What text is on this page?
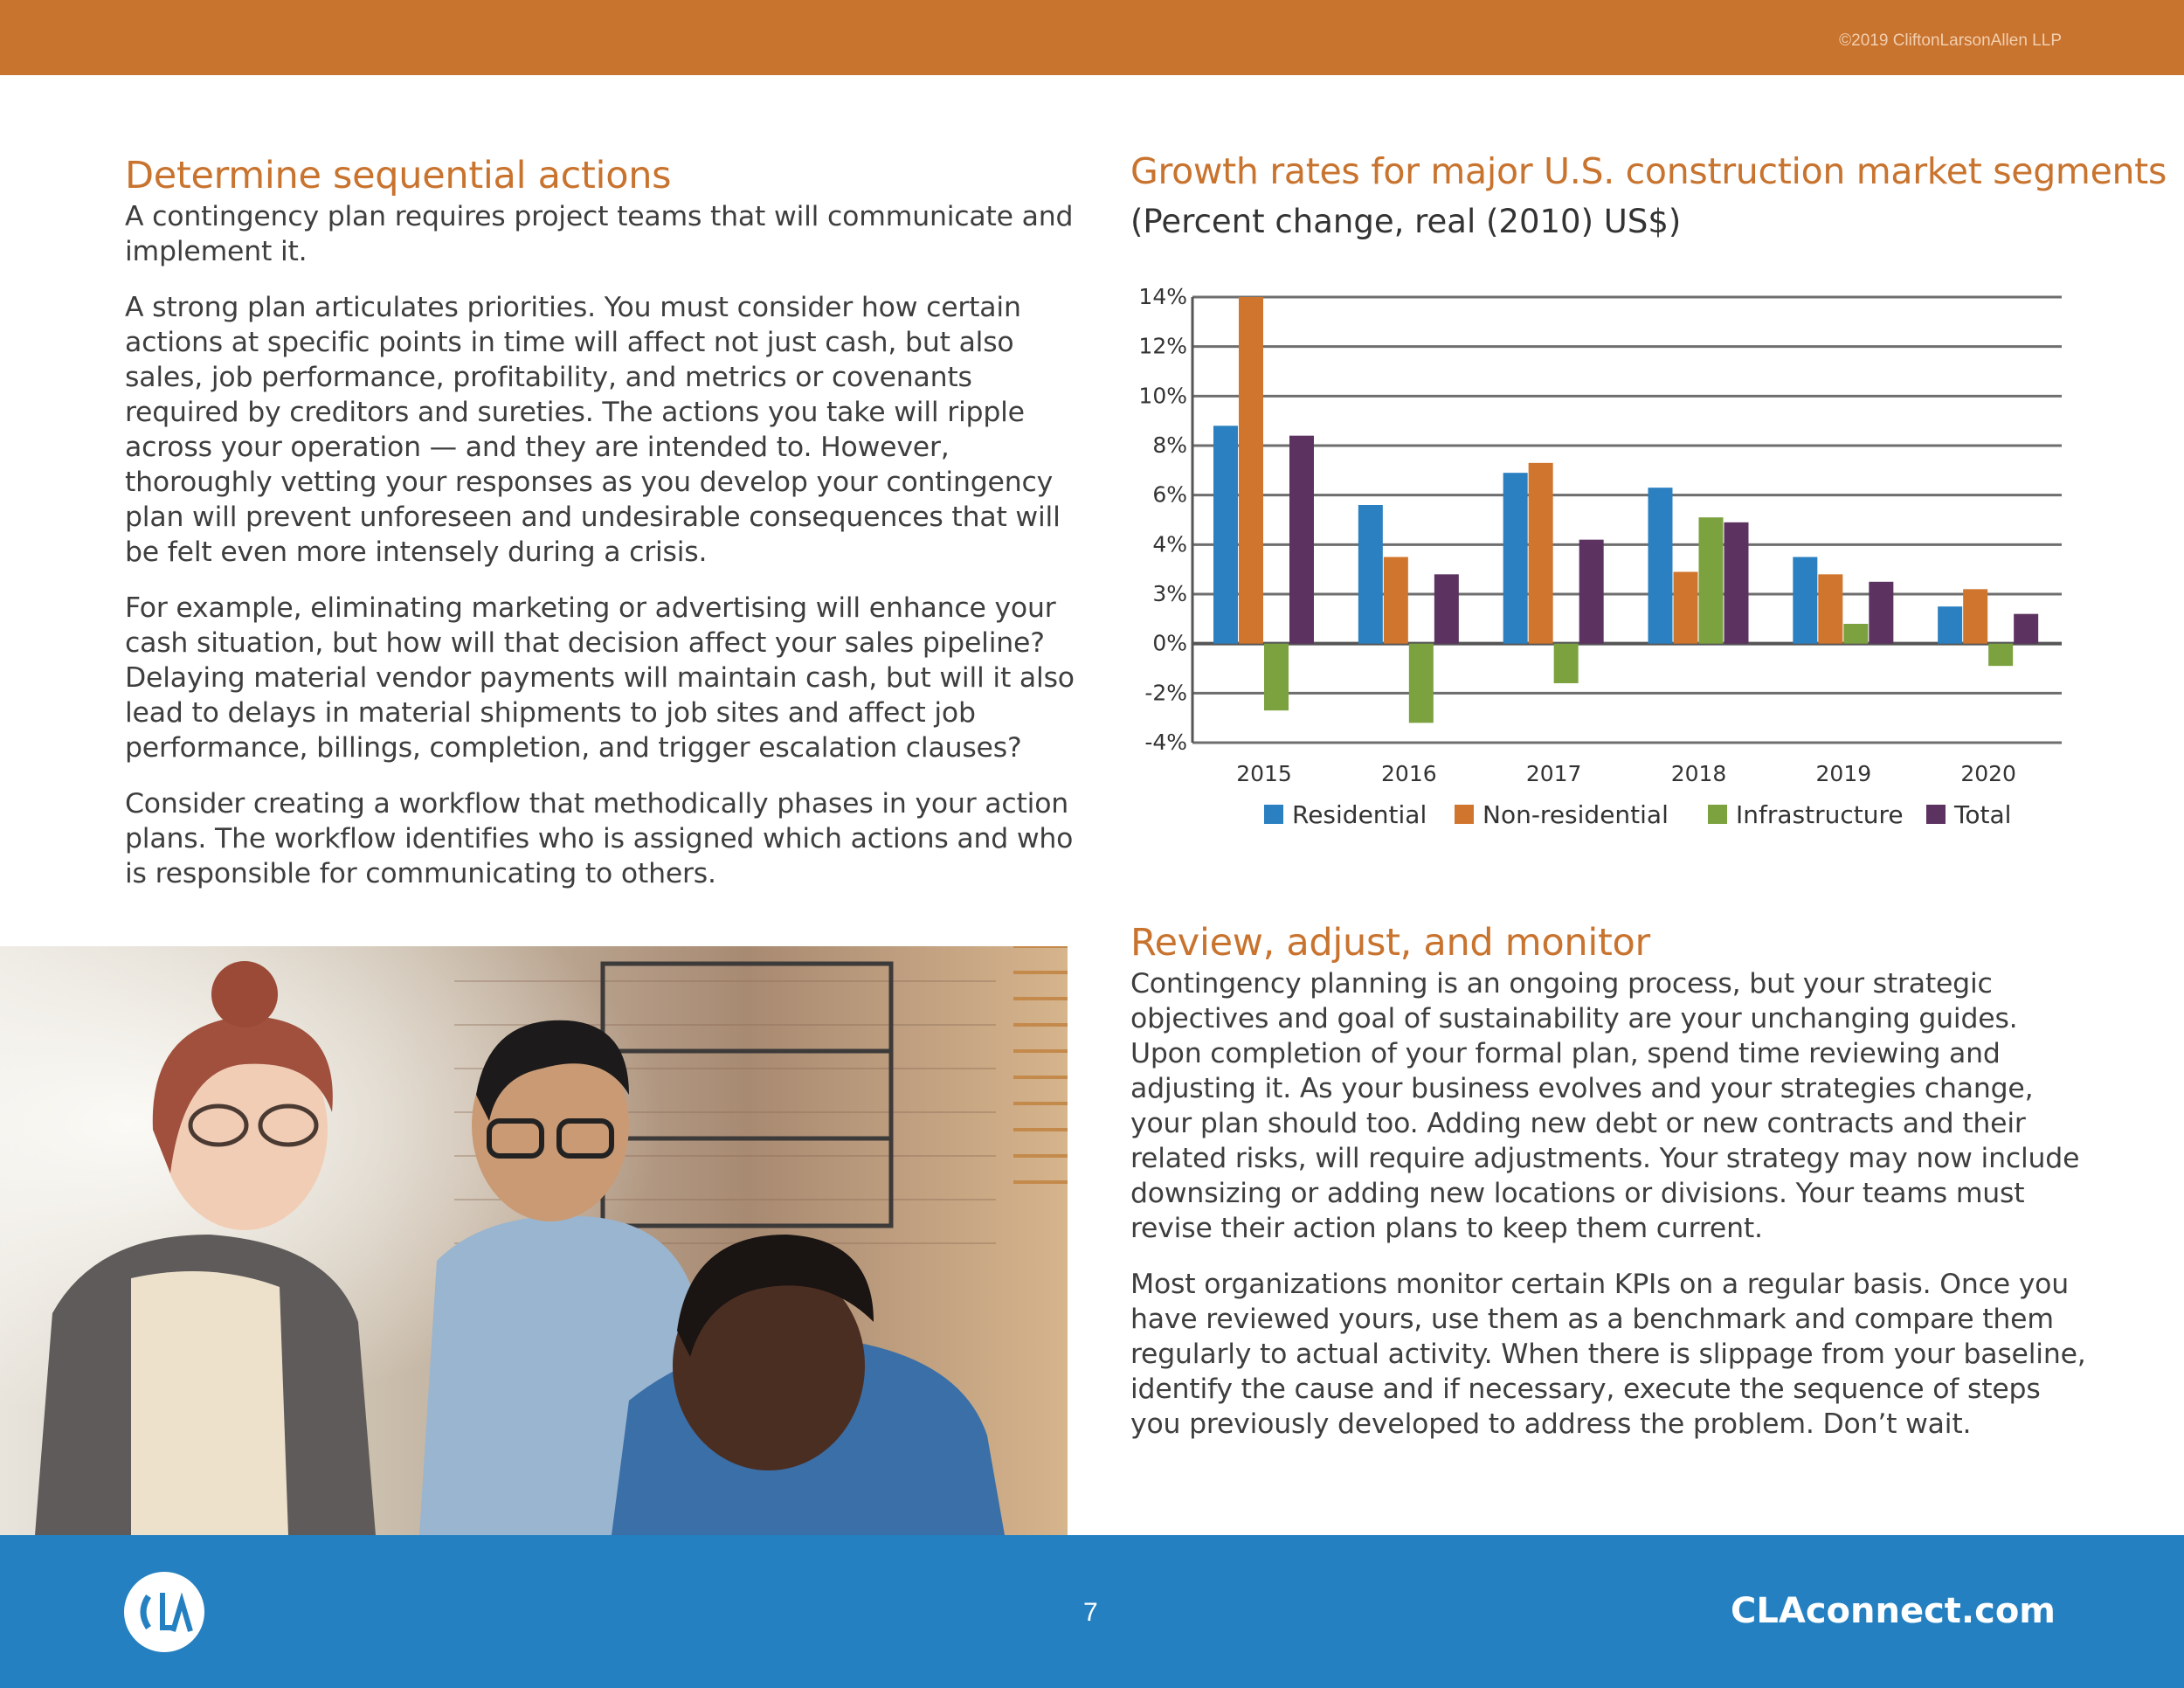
©2019 CliftonLarsonAllen LLP
Determine sequential actions

A contingency plan requires project teams that will communicate and implement it.

A strong plan articulates priorities. You must consider how certain actions at specific points in time will affect not just cash, but also sales, job performance, profitability, and metrics or covenants required by creditors and sureties. The actions you take will ripple across your operation — and they are intended to. However, thoroughly vetting your responses as you develop your contingency plan will prevent unforeseen and undesirable consequences that will be felt even more intensely during a crisis.

For example, eliminating marketing or advertising will enhance your cash situation, but how will that decision affect your sales pipeline? Delaying material vendor payments will maintain cash, but will it also lead to delays in material shipments to job sites and affect job performance, billings, completion, and trigger escalation clauses?

Consider creating a workflow that methodically phases in your action plans. The workflow identifies who is assigned which actions and who is responsible for communicating to others.

Growth rates for major U.S. construction market segments
(Percent change, real (2010) US$)
14%
12%
10%
8%
6%
4%
3%
0%
-2%
-4%
2015	2016	2017	2018	2019	2020
Residential Non-residential	Infrastructure Total
Review, adjust, and monitor

Contingency planning is an ongoing process, but your strategic objectives and goal of sustainability are your unchanging guides. Upon completion of your formal plan, spend time reviewing and adjusting it. As your business evolves and your strategies change, your plan should too. Adding new debt or new contracts and their related risks, will require adjustments. Your strategy may now include downsizing or adding new locations or divisions. Your teams must revise their action plans to keep them current.

Most organizations monitor certain KPIs on a regular basis. Once you have reviewed yours, use them as a benchmark and compare them regularly to actual activity. When there is slippage from your baseline, identify the cause and if necessary, execute the sequence of steps you previously developed to address the problem. Don’t wait.

7	CLAconnect.com
